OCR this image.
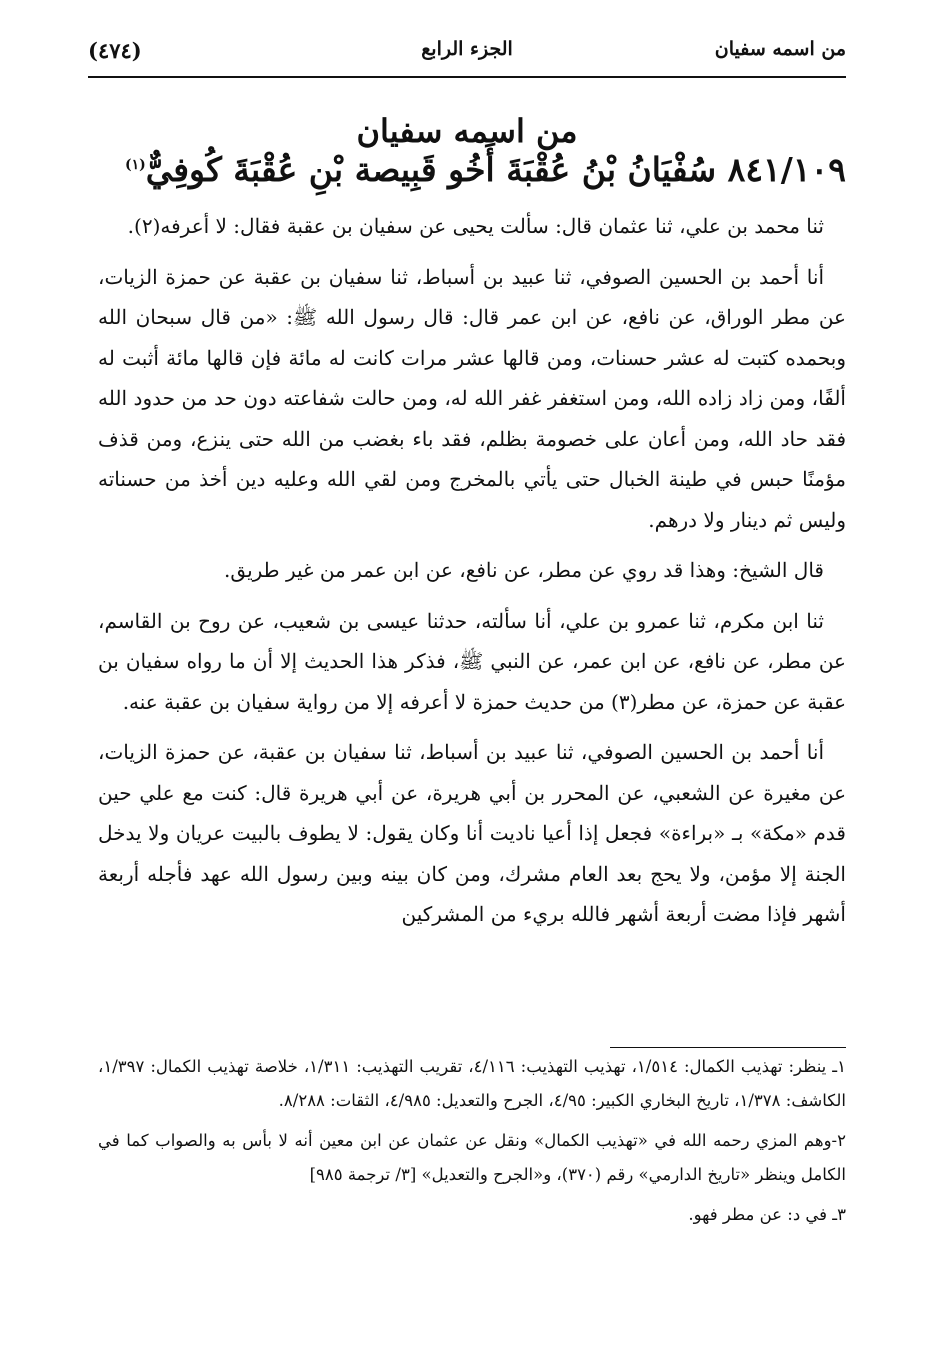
من اسمه سفيان
الجزء الرابع
(٤٧٤)
من اسمه سفيان
٨٤١/١٠٩ سُفْيَانُ بْنُ عُقْبَةَ أَخُو قَبِيصة بْنِ عُقْبَةَ كُوفِيٌّ$^{(١)}$

ثنا محمد بن علي، ثنا عثمان قال: سألت يحيى عن سفيان بن عقبة فقال: لا أعرفه(٢).

أنا أحمد بن الحسين الصوفي، ثنا عبيد بن أسباط، ثنا سفيان بن عقبة عن حمزة الزيات، عن مطر الوراق، عن نافع، عن ابن عمر قال: قال رسول الله ﷺ: «من قال سبحان الله وبحمده كتبت له عشر حسنات، ومن قالها عشر مرات كانت له مائة فإن قالها مائة أثبت له ألفًا، ومن زاد زاده الله، ومن استغفر غفر الله له، ومن حالت شفاعته دون حد من حدود الله فقد حاد الله، ومن أعان على خصومة بظلم، فقد باء بغضب من الله حتى ينزع، ومن قذف مؤمنًا حبس في طينة الخبال حتى يأتي بالمخرج ومن لقي الله وعليه دين أخذ من حسناته وليس ثم دينار ولا درهم.

قال الشيخ: وهذا قد روي عن مطر، عن نافع، عن ابن عمر من غير طريق.

ثنا ابن مكرم، ثنا عمرو بن علي، أنا سألته، حدثنا عيسى بن شعيب، عن روح بن القاسم، عن مطر، عن نافع، عن ابن عمر، عن النبي ﷺ، فذكر هذا الحديث إلا أن ما رواه سفيان بن عقبة عن حمزة، عن مطر(٣) من حديث حمزة لا أعرفه إلا من رواية سفيان بن عقبة عنه.

أنا أحمد بن الحسين الصوفي، ثنا عبيد بن أسباط، ثنا سفيان بن عقبة، عن حمزة الزيات، عن مغيرة عن الشعبي، عن المحرر بن أبي هريرة، عن أبي هريرة قال: كنت مع علي حين قدم «مكة» بـ «براءة» فجعل إذا أعيا ناديت أنا وكان يقول: لا يطوف بالبيت عريان ولا يدخل الجنة إلا مؤمن، ولا يحج بعد العام مشرك، ومن كان بينه وبين رسول الله عهد فأجله أربعة أشهر فإذا مضت أربعة أشهر فالله بريء من المشركين

١ـ ينظر: تهذيب الكمال: ١/٥١٤، تهذيب التهذيب: ٤/١١٦، تقريب التهذيب: ١/٣١١، خلاصة تهذيب الكمال: ١/٣٩٧، الكاشف: ١/٣٧٨، تاريخ البخاري الكبير: ٤/٩٥، الجرح والتعديل: ٤/٩٨٥، الثقات: ٨/٢٨٨.

٢-وهم المزي رحمه الله في «تهذيب الكمال» ونقل عن عثمان عن ابن معين أنه لا بأس به والصواب كما في الكامل وينظر «تاريخ الدارمي» رقم (٣٧٠)، و«الجرح والتعديل» [٣/ ترجمة ٩٨٥]

٣ـ في د: عن مطر فهو.
